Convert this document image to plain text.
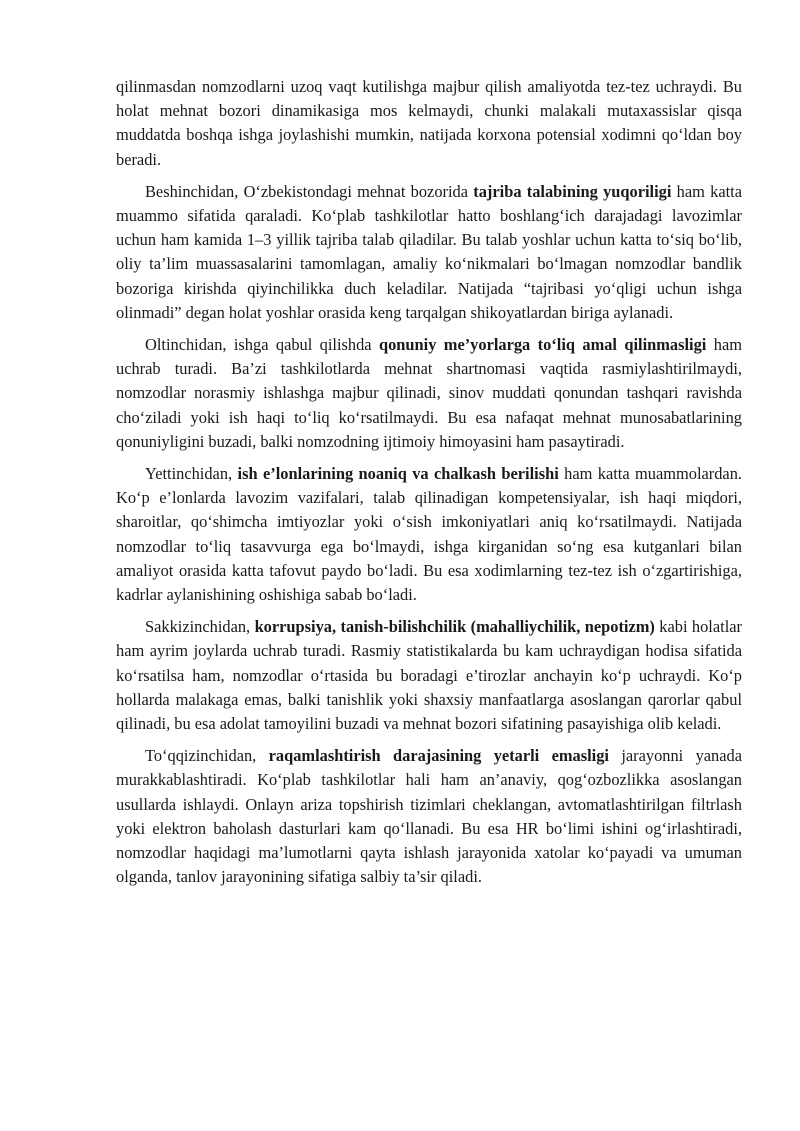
qilinmasdan nomzodlarni uzoq vaqt kutilishga majbur qilish amaliyotda tez-tez uchraydi. Bu holat mehnat bozori dinamikasiga mos kelmaydi, chunki malakali mutaxassislar qisqa muddatda boshqa ishga joylashishi mumkin, natijada korxona potensial xodimni qo‘ldan boy beradi.

Beshinchidan, O‘zbekistondagi mehnat bozorida tajriba talabining yuqoriligi ham katta muammo sifatida qaraladi. Ko‘plab tashkilotlar hatto boshlang‘ich darajadagi lavozimlar uchun ham kamida 1–3 yillik tajriba talab qiladilar. Bu talab yoshlar uchun katta to‘siq bo‘lib, oliy ta’lim muassasalarini tamomlagan, amaliy ko‘nikmalari bo‘lmagan nomzodlar bandlik bozoriga kirishda qiyinchilikka duch keladilar. Natijada “tajribasi yo‘qligi uchun ishga olinmadi” degan holat yoshlar orasida keng tarqalgan shikoyatlardan biriga aylanadi.

Oltinchidan, ishga qabul qilishda qonuniy me’yorlarga to‘liq amal qilinmasligi ham uchrab turadi. Ba’zi tashkilotlarda mehnat shartnomasi vaqtida rasmiylashtirilmaydi, nomzodlar norasmiy ishlashga majbur qilinadi, sinov muddati qonundan tashqari ravishda cho‘ziladi yoki ish haqi to‘liq ko‘rsatilmaydi. Bu esa nafaqat mehnat munosabatlarining qonuniyligini buzadi, balki nomzodning ijtimoiy himoyasini ham pasaytiradi.

Yettinchidan, ish e’lonlarining noaniq va chalkash berilishi ham katta muammolardan. Ko‘p e’lonlarda lavozim vazifalari, talab qilinadigan kompetensiyalar, ish haqi miqdori, sharoitlar, qo‘shimcha imtiyozlar yoki o‘sish imkoniyatlari aniq ko‘rsatilmaydi. Natijada nomzodlar to‘liq tasavvurga ega bo‘lmaydi, ishga kirganidan so‘ng esa kutganlari bilan amaliyot orasida katta tafovut paydo bo‘ladi. Bu esa xodimlarning tez-tez ish o‘zgartirishiga, kadrlar aylanishining oshishiga sabab bo‘ladi.

Sakkizinchidan, korrupsiya, tanish-bilishchilik (mahalliychilik, nepotizm) kabi holatlar ham ayrim joylarda uchrab turadi. Rasmiy statistikalarda bu kam uchraydigan hodisa sifatida ko‘rsatilsa ham, nomzodlar o‘rtasida bu boradagi e’tirozlar anchayin ko‘p uchraydi. Ko‘p hollarda malakaga emas, balki tanishlik yoki shaxsiy manfaatlarga asoslangan qarorlar qabul qilinadi, bu esa adolat tamoyilini buzadi va mehnat bozori sifatining pasayishiga olib keladi.

To‘qqizinchidan, raqamlashtirish darajasining yetarli emasligi jarayonni yanada murakkablashtiradi. Ko‘plab tashkilotlar hali ham an’anaviy, qog‘ozbozlikka asoslangan usullarda ishlaydi. Onlayn ariza topshirish tizimlari cheklangan, avtomatlashtirilgan filtrlash yoki elektron baholash dasturlari kam qo‘llanadi. Bu esa HR bo‘limi ishini og‘irlashtiradi, nomzodlar haqidagi ma’lumotlarni qayta ishlash jarayonida xatolar ko‘payadi va umuman olganda, tanlov jarayonining sifatiga salbiy ta’sir qiladi.
